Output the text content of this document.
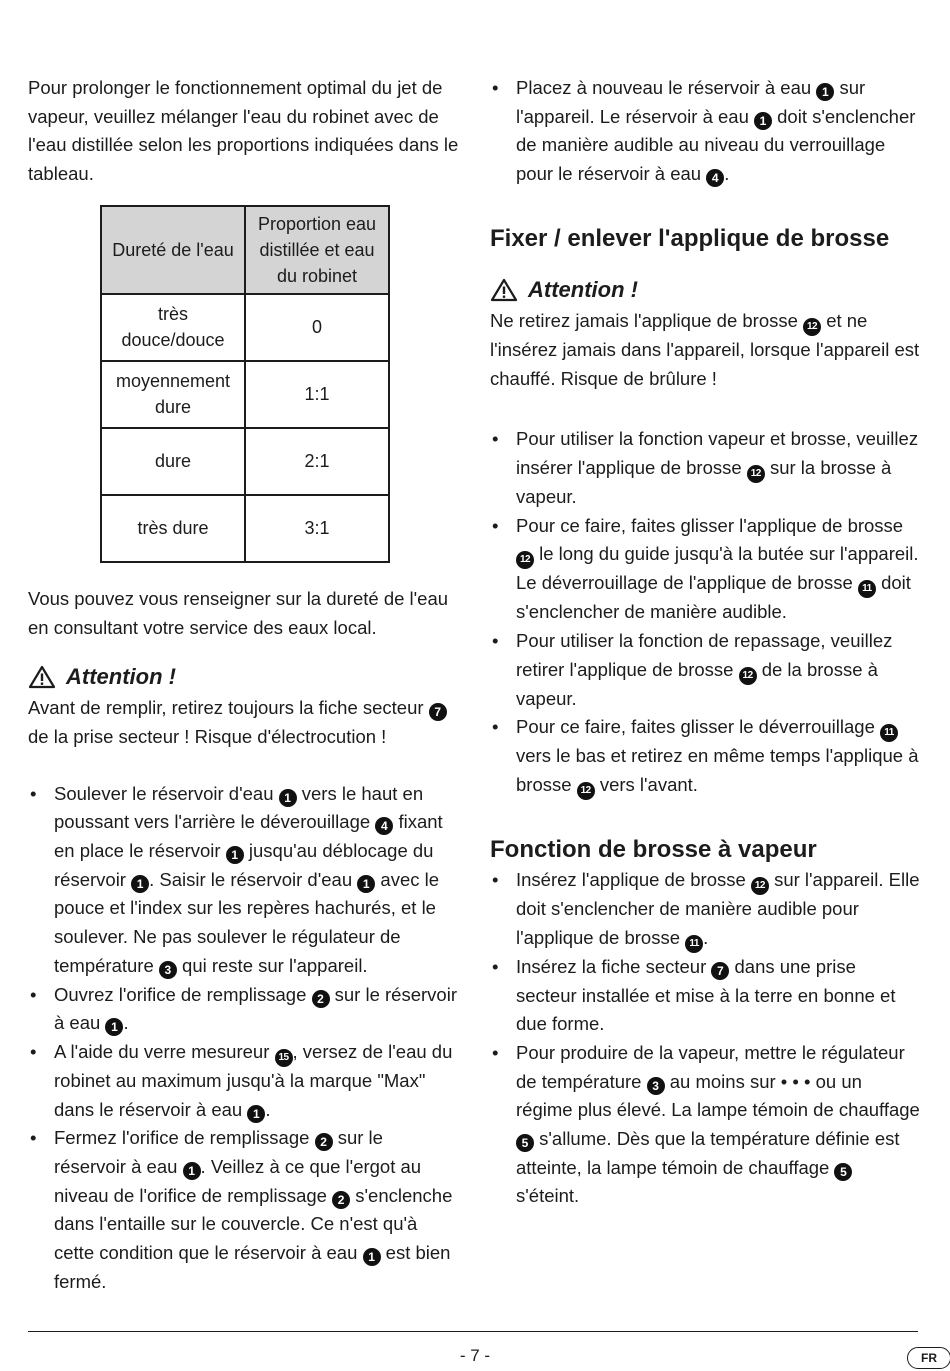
Pour prolonger le fonctionnement optimal du jet de vapeur, veuillez mélanger l'eau du robinet avec de l'eau distillée selon les proportions indiquées dans le tableau.

Dureté de l'eau	Proportion eau distillée et eau du robinet
très douce/douce	0
moyennement dure	1:1
dure	2:1
très dure	3:1

Vous pouvez vous renseigner sur la dureté de l'eau en consultant votre service des eaux local.

Attention !

Avant de remplir, retirez toujours la fiche secteur 7 de la prise secteur ! Risque d'électrocution !

• Soulever le réservoir d'eau 1 vers le haut en poussant vers l'arrière le déverouillage 4 fixant en place le réservoir 1 jusqu'au déblocage du réservoir 1 . Saisir le réservoir d'eau 1 avec le pouce et l'index sur les repères hachurés, et le soulever. Ne pas soulever le régulateur de température 3 qui reste sur l'appareil.
• Ouvrez l'orifice de remplissage 2 sur le réservoir à eau 1 .
• A l'aide du verre mesureur 15 , versez de l'eau du robinet au maximum jusqu'à la marque "Max" dans le réservoir à eau 1 .
• Fermez l'orifice de remplissage 2 sur le réservoir à eau 1 . Veillez à ce que l'ergot au niveau de l'orifice de remplissage 2 s'enclenche dans l'entaille sur le couvercle. Ce n'est qu'à cette condition que le réservoir à eau 1 est bien fermé.
• Placez à nouveau le réservoir à eau 1 sur l'appareil. Le réservoir à eau 1 doit s'enclencher de manière audible au niveau du verrouillage pour le réservoir à eau 4 .
Fixer / enlever l'applique de brosse
Attention !

Ne retirez jamais l'applique de brosse 12 et ne l'insérez jamais dans l'appareil, lorsque l'appareil est chauffé. Risque de brûlure !

• Pour utiliser la fonction vapeur et brosse, veuillez insérer l'applique de brosse 12 sur la brosse à vapeur.
• Pour ce faire, faites glisser l'applique de brosse 12 le long du guide jusqu'à la butée sur l'appareil. Le déverrouillage de l'applique de brosse 11 doit s'enclencher de manière audible.
• Pour utiliser la fonction de repassage, veuillez retirer l'applique de brosse 12 de la brosse à vapeur.
• Pour ce faire, faites glisser le déverrouillage 11 vers le bas et retirez en même temps l'applique à brosse 12 vers l'avant.
Fonction de brosse à vapeur
• Insérez l'applique de brosse 12 sur l'appareil. Elle doit s'enclencher de manière audible pour l'applique de brosse 11 .
• Insérez la fiche secteur 7 dans une prise secteur installée et mise à la terre en bonne et due forme.
• Pour produire de la vapeur, mettre le régulateur de température 3 au moins sur • • • ou un régime plus élevé. La lampe témoin de chauffage 5 s'allume. Dès que la température définie est atteinte, la lampe témoin de chauffage 5 s'éteint.
- 7 -	FR
